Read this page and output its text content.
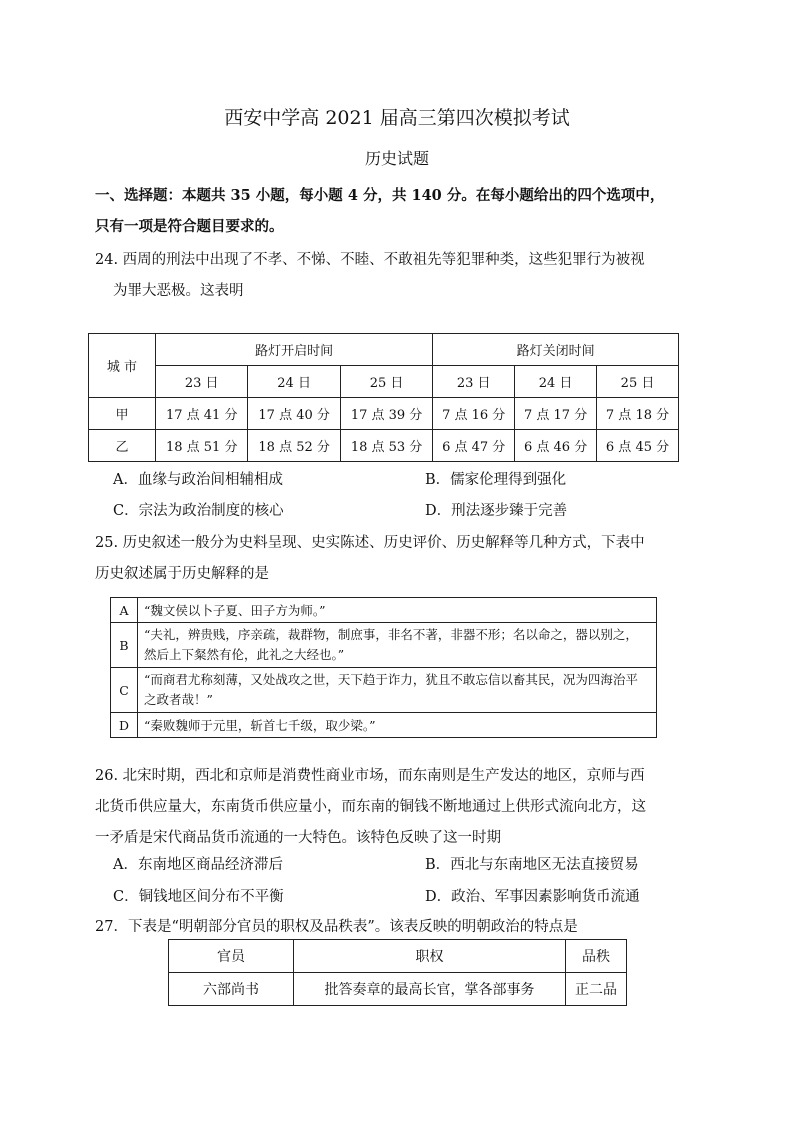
西安中学高 2021 届高三第四次模拟考试
历史试题
一、选择题：本题共 35 小题，每小题 4 分，共 140 分。在每小题给出的四个选项中，
只有一项是符合题目要求的。
24. 西周的刑法中出现了不孝、不悌、不睦、不敢祖先等犯罪种类，这些犯罪行为被视
为罪大恶极。这表明
城 市	路灯开启时间			路灯关闭时间		
	23 日	24 日	25 日	23 日	24 日	25 日
甲	17 点 41 分	17 点 40 分	17 点 39 分	7 点 16 分	7 点 17 分	7 点 18 分
乙	18 点 51 分	18 点 52 分	18 点 53 分	6 点 47 分	6 点 46 分	6 点 45 分
A．血缘与政治间相辅相成	B．儒家伦理得到强化
C．宗法为政治制度的核心	D．刑法逐步臻于完善
25. 历史叙述一般分为史料呈现、史实陈述、历史评价、历史解释等几种方式，下表中
历史叙述属于历史解释的是
A	“魏文侯以卜子夏、田子方为师。”
B	“夫礼，辨贵贱，序亲疏，裁群物，制庶事，非名不著，非器不形；名以命之，器以别之，然后上下粲然有伦，此礼之大经也。”
C	“而商君尤称刻薄，又处战攻之世，天下趋于诈力，犹且不敢忘信以畜其民，况为四海治平之政者哉！”
D	“秦败魏师于元里，斩首七千级，取少梁。”
26. 北宋时期，西北和京师是消费性商业市场，而东南则是生产发达的地区，京师与西
北货币供应量大，东南货币供应量小，而东南的铜钱不断地通过上供形式流向北方，这
一矛盾是宋代商品货币流通的一大特色。该特色反映了这一时期
A．东南地区商品经济滞后	B．西北与东南地区无法直接贸易
C．铜钱地区间分布不平衡	D．政治、军事因素影响货币流通
27．下表是“明朝部分官员的职权及品秩表”。该表反映的明朝政治的特点是
官员	职权	品秩
六部尚书	批答奏章的最高长官，掌各部事务	正二品
